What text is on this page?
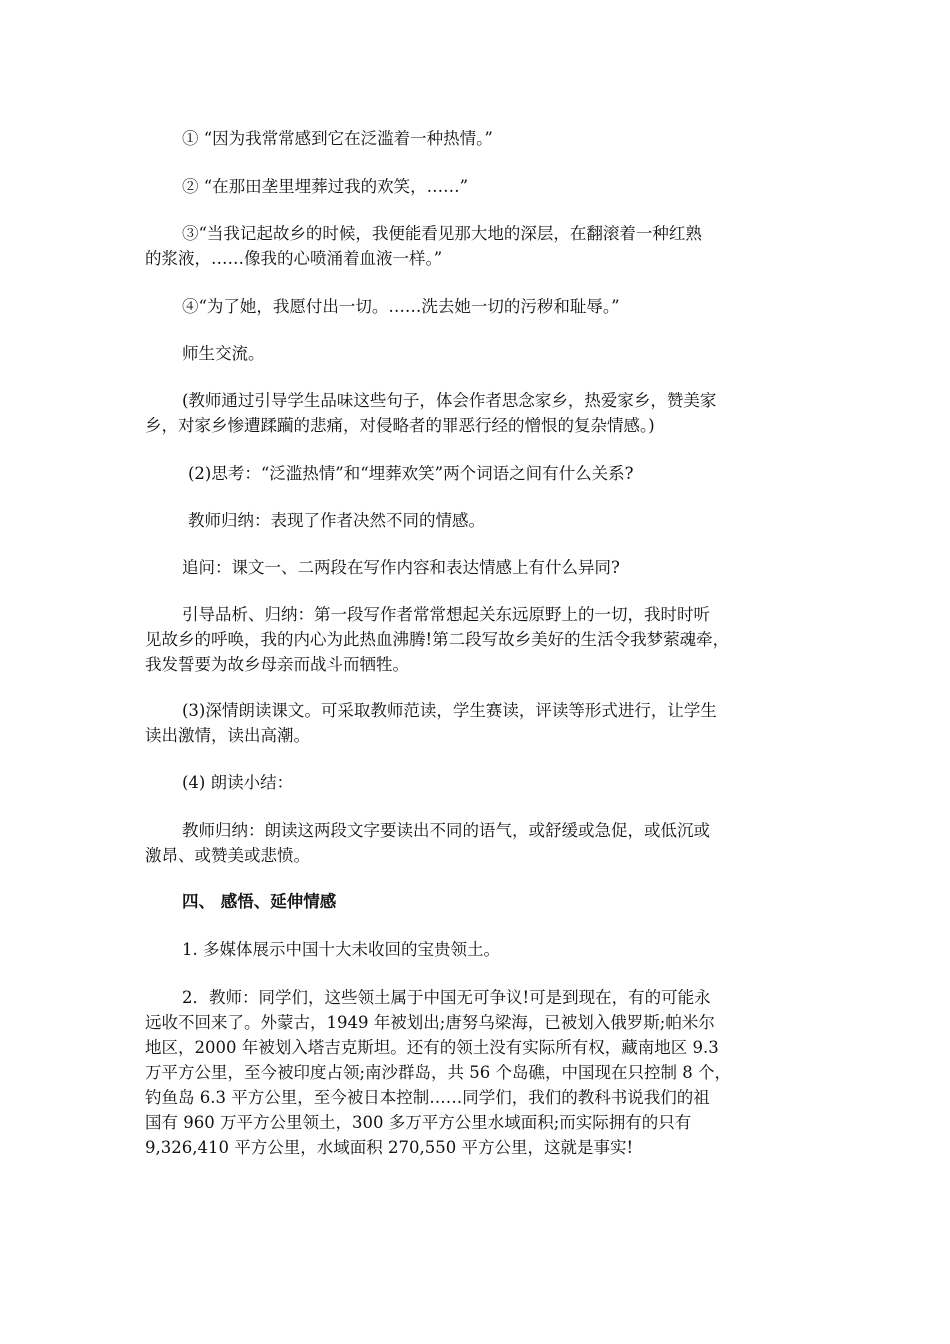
① “因为我常常感到它在泛滥着一种热情。”

② “在那田垄里埋葬过我的欢笑，……”

③“当我记起故乡的时候，我便能看见那大地的深层，在翻滚着一种红熟
的浆液，……像我的心喷涌着血液一样。”

④“为了她，我愿付出一切。……洗去她一切的污秽和耻辱。”

师生交流。

(教师通过引导学生品味这些句子，体会作者思念家乡，热爱家乡，赞美家
乡，对家乡惨遭蹂躏的悲痛，对侵略者的罪恶行经的憎恨的复杂情感。)

(2)思考：“泛滥热情”和“埋葬欢笑”两个词语之间有什么关系?

教师归纳：表现了作者决然不同的情感。

追问：课文一、二两段在写作内容和表达情感上有什么异同?

引导品析、归纳：第一段写作者常常想起关东远原野上的一切，我时时听
见故乡的呼唤，我的内心为此热血沸腾!第二段写故乡美好的生活令我梦萦魂牵，
我发誓要为故乡母亲而战斗而牺牲。

(3)深情朗读课文。可采取教师范读，学生赛读，评读等形式进行，让学生
读出激情，读出高潮。

(4) 朗读小结：

教师归纳：朗读这两段文字要读出不同的语气，或舒缓或急促，或低沉或
激昂、或赞美或悲愤。

四、 感悟、延伸情感

1. 多媒体展示中国十大未收回的宝贵领土。

2．教师：同学们，这些领土属于中国无可争议!可是到现在，有的可能永
远收不回来了。外蒙古，1949 年被划出;唐努乌梁海，已被划入俄罗斯;帕米尔
地区，2000 年被划入塔吉克斯坦。还有的领土没有实际所有权，藏南地区 9.3
万平方公里，至今被印度占领;南沙群岛，共 56 个岛礁，中国现在只控制 8 个，
钓鱼岛 6.3 平方公里，至今被日本控制……同学们，我们的教科书说我们的祖
国有 960 万平方公里领土，300 多万平方公里水域面积;而实际拥有的只有
9,326,410 平方公里，水域面积 270,550 平方公里，这就是事实!
